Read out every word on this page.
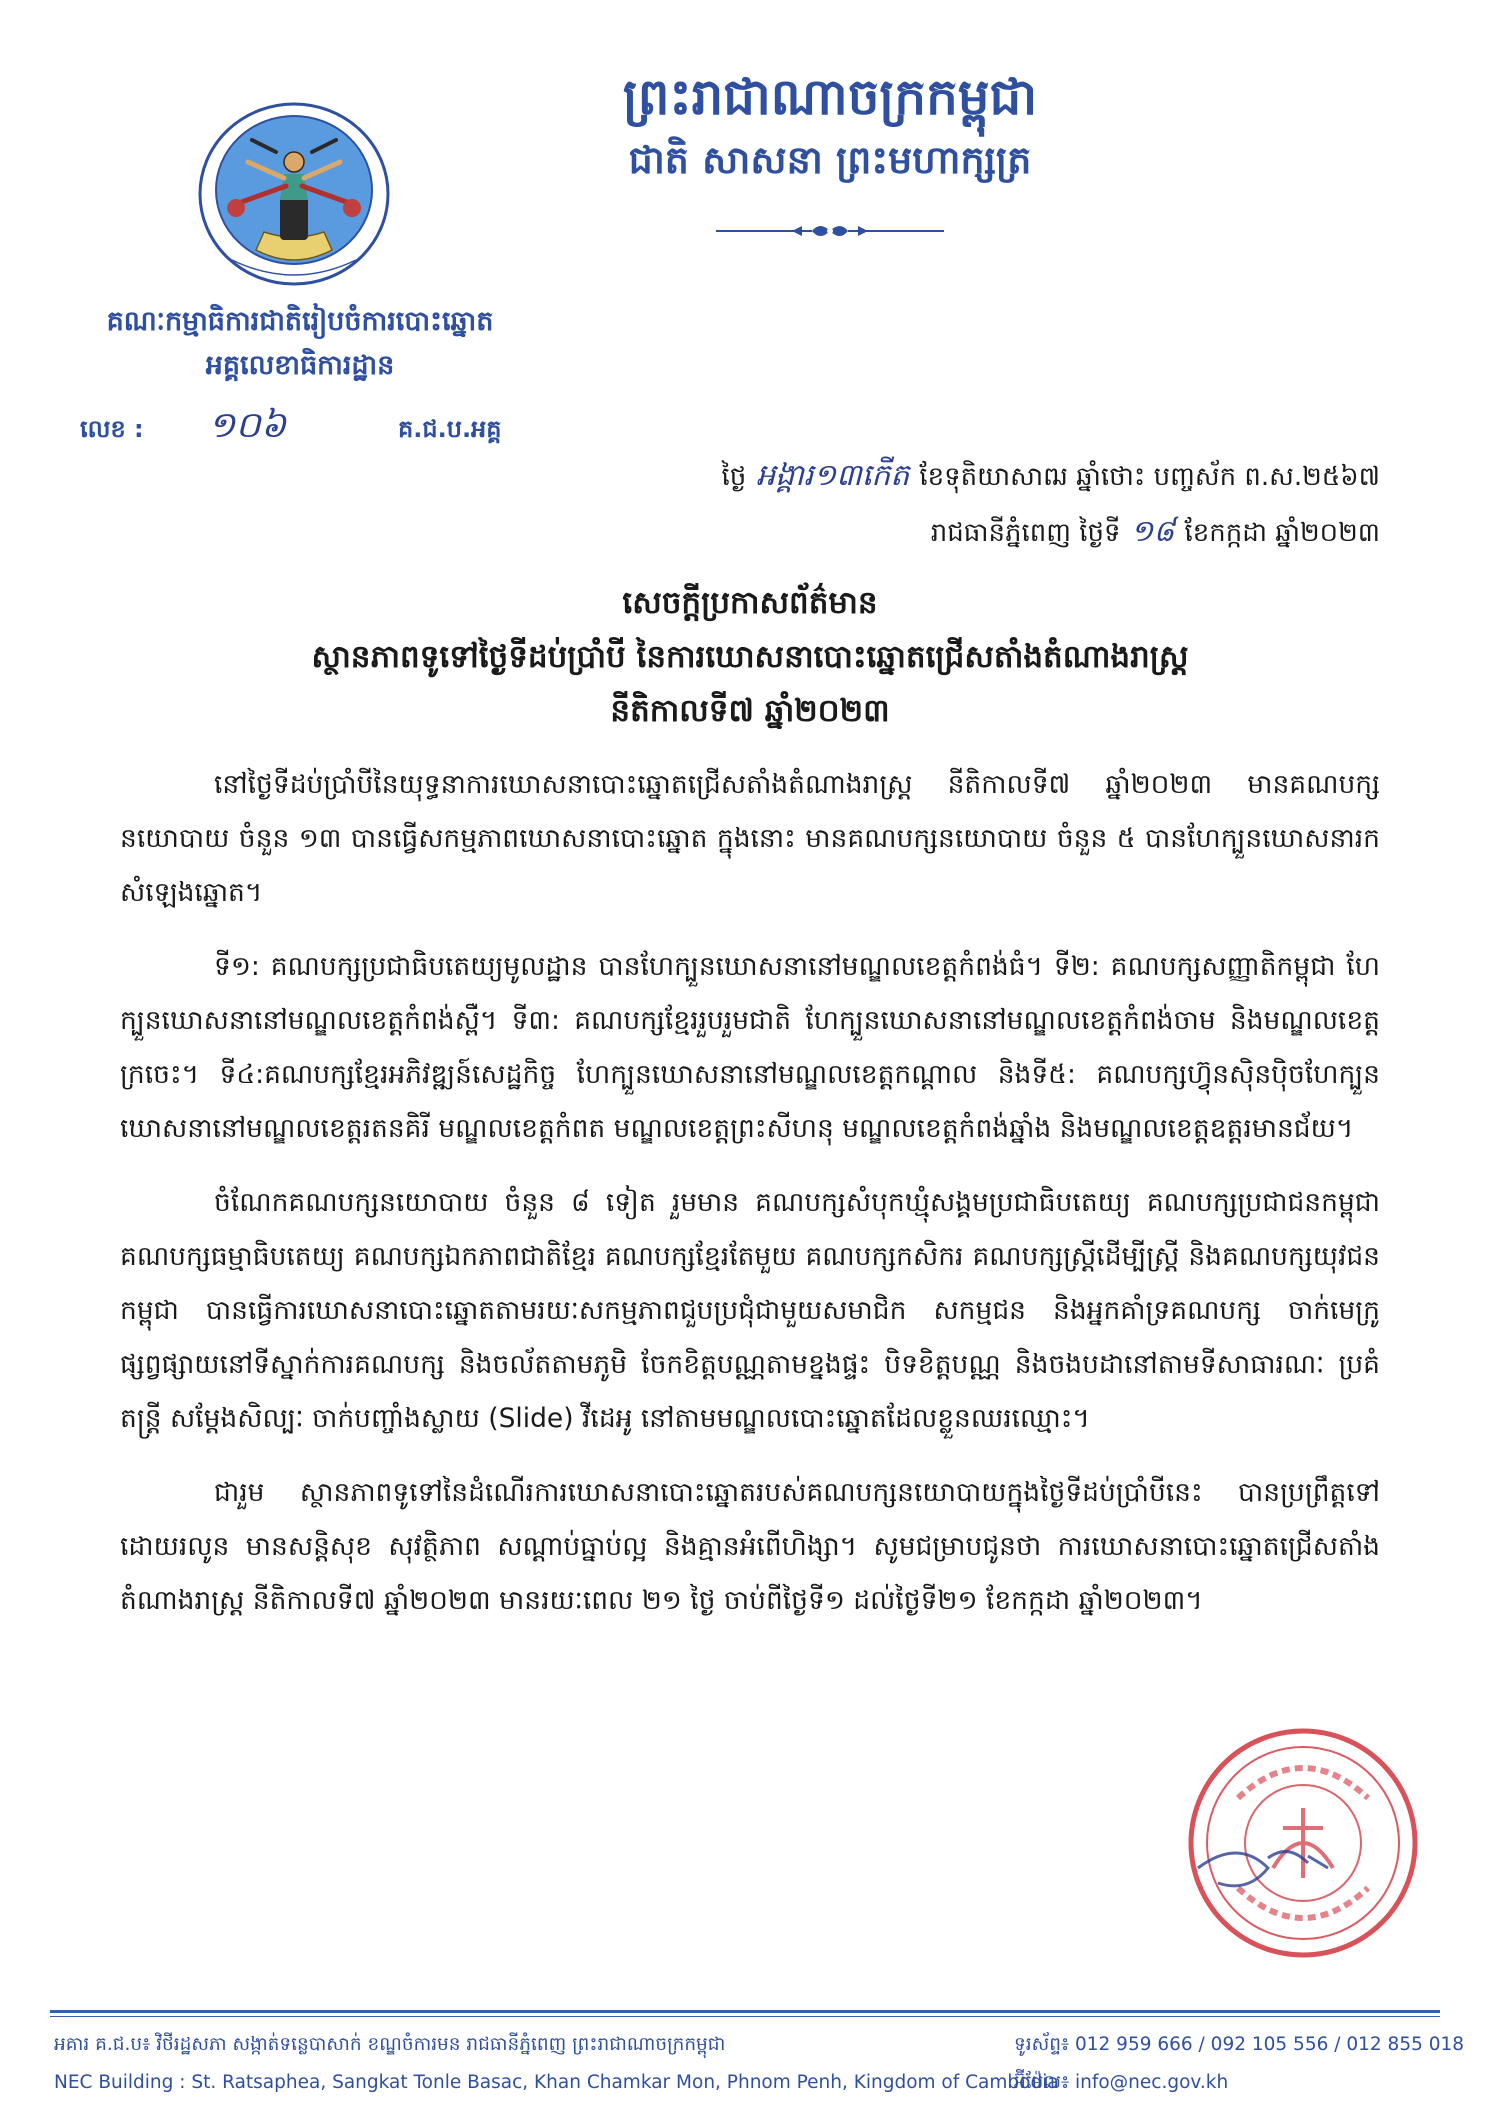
ព្រះរាជាណាចក្រកម្ពុជា
ជាតិ សាសនា ព្រះមហាក្សត្រ
គណៈកម្មាធិការជាតិរៀបចំការបោះឆ្នោត
អគ្គលេខាធិការដ្ឋាន
លេខ : ១០៦	គ.ជ.ប.អគ្គ
ថ្ងៃ អង្គារ១៣កើត ខែទុតិយាសាឍ ឆ្នាំថោះ បញ្ចស័ក ព.ស.២៥៦៧
រាជធានីភ្នំពេញ ថ្ងៃទី ១៨ ខែកក្កដា ឆ្នាំ២០២៣
សេចក្តីប្រកាសព័ត៌មាន
ស្ថានភាពទូទៅថ្ងៃទីដប់ប្រាំបី នៃការឃោសនាបោះឆ្នោតជ្រើសតាំងតំណាងរាស្ត្រ
នីតិកាលទី៧ ឆ្នាំ២០២៣

នៅថ្ងៃទីដប់ប្រាំបីនៃយុទ្ធនាការឃោសនាបោះឆ្នោតជ្រើសតាំងតំណាងរាស្ត្រ នីតិកាលទី៧ ឆ្នាំ២០២៣ មានគណបក្សនយោបាយ ចំនួន ១៣ បានធ្វើសកម្មភាពឃោសនាបោះឆ្នោត ក្នុងនោះ មានគណបក្សនយោបាយ ចំនួន ៥ បានហែក្បួនឃោសនារកសំឡេងឆ្នោត។

ទី១: គណបក្សប្រជាធិបតេយ្យមូលដ្ឋាន បានហែក្បួនឃោសនានៅមណ្ឌលខេត្តកំពង់ធំ។ ទី២: គណបក្សសញ្ញាតិកម្ពុជា ហែក្បួនឃោសនានៅមណ្ឌលខេត្តកំពង់ស្ពឺ។ ទី៣: គណបក្សខ្មែររួបរួមជាតិ ហែក្បួនឃោសនានៅមណ្ឌលខេត្តកំពង់ចាម និងមណ្ឌលខេត្តក្រចេះ។ ទី៤:គណបក្សខ្មែរអភិវឌ្ឍន៍សេដ្ឋកិច្ច ហែក្បួនឃោសនានៅមណ្ឌលខេត្តកណ្តាល និងទី៥: គណបក្សហ៊្វុនស៊ិនប៉ិចហែក្បួនឃោសនានៅមណ្ឌលខេត្តរតនគិរី មណ្ឌលខេត្តកំពត មណ្ឌលខេត្តព្រះសីហនុ មណ្ឌលខេត្តកំពង់ឆ្នាំង និងមណ្ឌលខេត្តឧត្តរមានជ័យ។

ចំណែកគណបក្សនយោបាយ ចំនួន ៨ ទៀត រួមមាន គណបក្សសំបុកឃ្មុំសង្គមប្រជាធិបតេយ្យ គណបក្សប្រជាជនកម្ពុជា គណបក្សធម្មាធិបតេយ្យ គណបក្សឯកភាពជាតិខ្មែរ គណបក្សខ្មែរតែមួយ គណបក្សកសិករ គណបក្សស្ត្រីដើម្បីស្ត្រី និងគណបក្សយុវជនកម្ពុជា បានធ្វើការឃោសនាបោះឆ្នោតតាមរយៈសកម្មភាពជួបប្រជុំជាមួយសមាជិក សកម្មជន និងអ្នកគាំទ្រគណបក្ស ចាក់មេក្រូផ្សព្វផ្សាយនៅទីស្នាក់ការគណបក្ស និងចល័តតាមភូមិ ចែកខិត្តបណ្ណតាមខ្នងផ្ទះ បិទខិត្តបណ្ណ និងចងបដានៅតាមទីសាធារណៈ ប្រគំតន្ត្រី សម្តែងសិល្បៈ ចាក់បញ្ចាំងស្លាយ (Slide) វីដេអូ នៅតាមមណ្ឌលបោះឆ្នោតដែលខ្លួនឈរឈ្មោះ។

ជារួម ស្ថានភាពទូទៅនៃដំណើរការឃោសនាបោះឆ្នោតរបស់គណបក្សនយោបាយក្នុងថ្ងៃទីដប់ប្រាំបីនេះ បានប្រព្រឹត្តទៅដោយរលូន មានសន្តិសុខ សុវត្ថិភាព សណ្តាប់ធ្នាប់ល្អ និងគ្មានអំពើហិង្សា។ សូមជម្រាបជូនថា ការឃោសនាបោះឆ្នោតជ្រើសតាំងតំណាងរាស្ត្រ នីតិកាលទី៧ ឆ្នាំ២០២៣ មានរយៈពេល ២១ ថ្ងៃ ចាប់ពីថ្ងៃទី១ ដល់ថ្ងៃទី២១ ខែកក្កដា ឆ្នាំ២០២៣។

អគារ គ.ជ.ប៖ វិថីរដ្ឋសភា សង្កាត់ទន្លេបាសាក់ ខណ្ឌចំការមន រាជធានីភ្នំពេញ ព្រះរាជាណាចក្រកម្ពុជា	ទូរស័ព្ទ៖ 012 959 666 / 092 105 556 / 012 855 018
NEC Building : St. Ratsaphea, Sangkat Tonle Basac, Khan Chamkar Mon, Phnom Penh, Kingdom of Cambodia
អ៊ីម៉ែល៖ info@nec.gov.kh
